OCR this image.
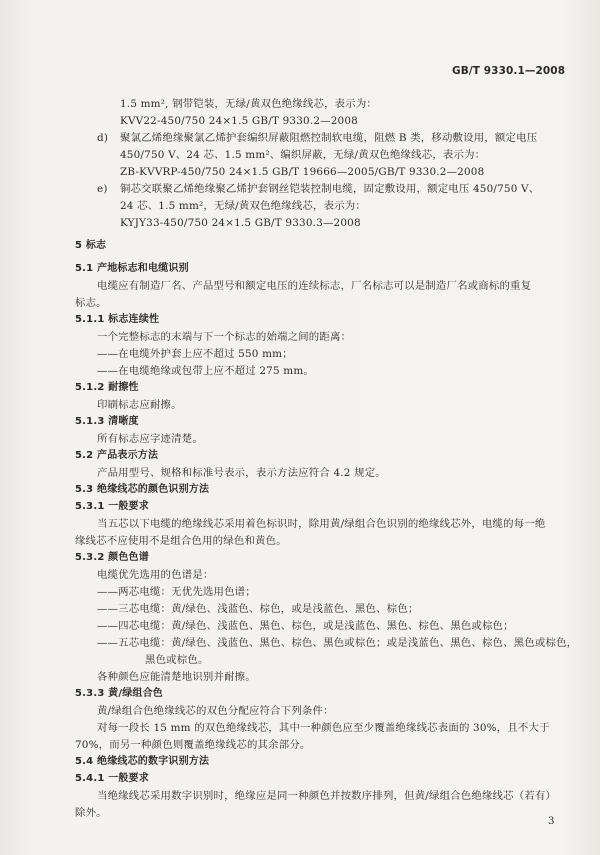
GB/T 9330.1—2008
1.5 mm², 钢带铠装，无绿/黄双色绝缘线芯，表示为：
KVV22-450/750 24×1.5 GB/T 9330.2—2008
d) 聚氯乙烯绝缘聚氯乙烯护套编织屏蔽阻燃控制软电缆，阻燃 B 类，移动敷设用，额定电压
450/750 V、24 芯、1.5 mm²、编织屏蔽，无绿/黄双色绝缘线芯，表示为：
ZB-KVVRP-450/750 24×1.5 GB/T 19666—2005/GB/T 9330.2—2008
e) 铜芯交联聚乙烯绝缘聚乙烯护套钢丝铠装控制电缆，固定敷设用，额定电压 450/750 V、
24 芯、1.5 mm²，无绿/黄双色绝缘线芯，表示为：
KYJY33-450/750 24×1.5 GB/T 9330.3—2008
5 标志
5.1 产地标志和电缆识别
电缆应有制造厂名、产品型号和额定电压的连续标志，厂名标志可以是制造厂名或商标的重复
标志。
5.1.1 标志连续性
一个完整标志的末端与下一个标志的始端之间的距离：
——在电缆外护套上应不超过 550 mm；
——在电缆绝缘或包带上应不超过 275 mm。
5.1.2 耐擦性
印刷标志应耐擦。
5.1.3 清晰度
所有标志应字迹清楚。
5.2 产品表示方法
产品用型号、规格和标准号表示，表示方法应符合 4.2 规定。
5.3 绝缘线芯的颜色识别方法
5.3.1 一般要求
当五芯以下电缆的绝缘线芯采用着色标识时，除用黄/绿组合色识别的绝缘线芯外，电缆的每一绝
缘线芯不应使用不是组合色用的绿色和黄色。
5.3.2 颜色色谱
电缆优先选用的色谱是：
——两芯电缆：无优先选用色谱；
——三芯电缆：黄/绿色、浅蓝色、棕色，或是浅蓝色、黑色、棕色；
——四芯电缆：黄/绿色、浅蓝色、黑色、棕色，或是浅蓝色、黑色、棕色、黑色或棕色；
——五芯电缆：黄/绿色、浅蓝色、黑色、棕色、黑色或棕色；或是浅蓝色、黑色、棕色、黑色或棕色，
黑色或棕色。
各种颜色应能清楚地识别并耐擦。
5.3.3 黄/绿组合色
黄/绿组合色绝缘线芯的双色分配应符合下列条件：
对每一段长 15 mm 的双色绝缘线芯，其中一种颜色应至少覆盖绝缘线芯表面的 30%，且不大于
70%，而另一种颜色则覆盖绝缘线芯的其余部分。
5.4 绝缘线芯的数字识别方法
5.4.1 一般要求
当绝缘线芯采用数字识别时，绝缘应是同一种颜色并按数序排列，但黄/绿组合色绝缘线芯（若有）
除外。
3
